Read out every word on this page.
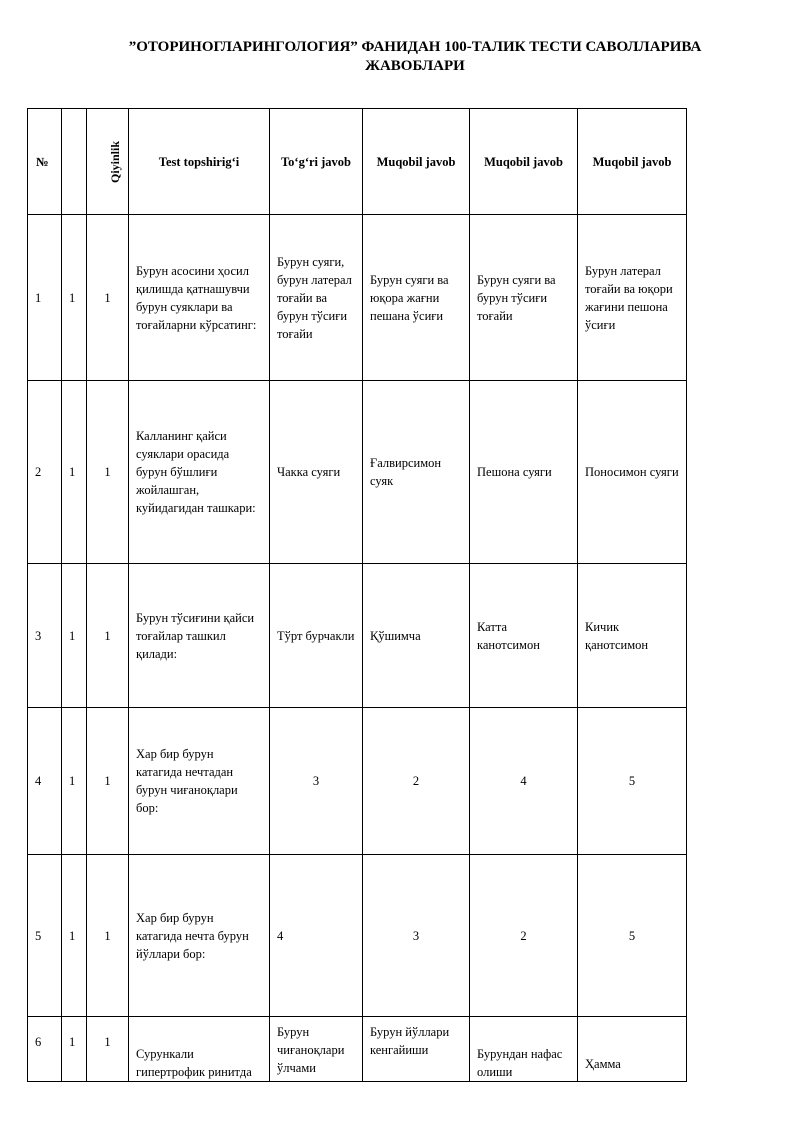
”ОТОРИНОГЛАРИНГОЛОГИЯ” ФАНИДАН 100-ТАЛИК ТЕСТИ САВОЛЛАРИВА ЖАВОБЛАРИ
№		Qiyinlik	Test topshirig‘i	To‘g‘ri javob	Muqobil javob	Muqobil javob	Muqobil javob
1	1	1	Бурун асосини ҳосил қилишда қатнашувчи бурун суяклари ва тоғайларни кўрсатинг:	Бурун суяги, бурун латерал тоғайи ва бурун тўсиғи тоғайи	Бурун суяги ва юқора жағни пешана ўсиғи	Бурун суяги ва бурун тўсиғи тоғайи	Бурун латерал тоғайи ва юқори жағини пешона ўсиғи
2	1	1	Калланинг қайси суяклари орасида бурун бўшлиғи жойлашган, куйидагидан ташкари:	Чакка суяги	Ғалвирсимон суяк	Пешона суяги	Поносимон суяги
3	1	1	Бурун тўсиғини қайси тоғайлар ташкил қилади:	Тўрт бурчакли	Қўшимча	Катта канотсимон	Кичик қанотсимон
4	1	1	Хар бир бурун катагида нечтадан бурун чиғаноқлари бор:	3	2	4	5
5	1	1	Хар бир бурун катагида нечта бурун йўллари бор:	4	3	2	5
6	1	1	Сурункали гипертрофик ринитда	Бурун чиғаноқлари ўлчами	Бурун йўллари кенгайиши	Бурундан нафас олиши	Ҳамма
